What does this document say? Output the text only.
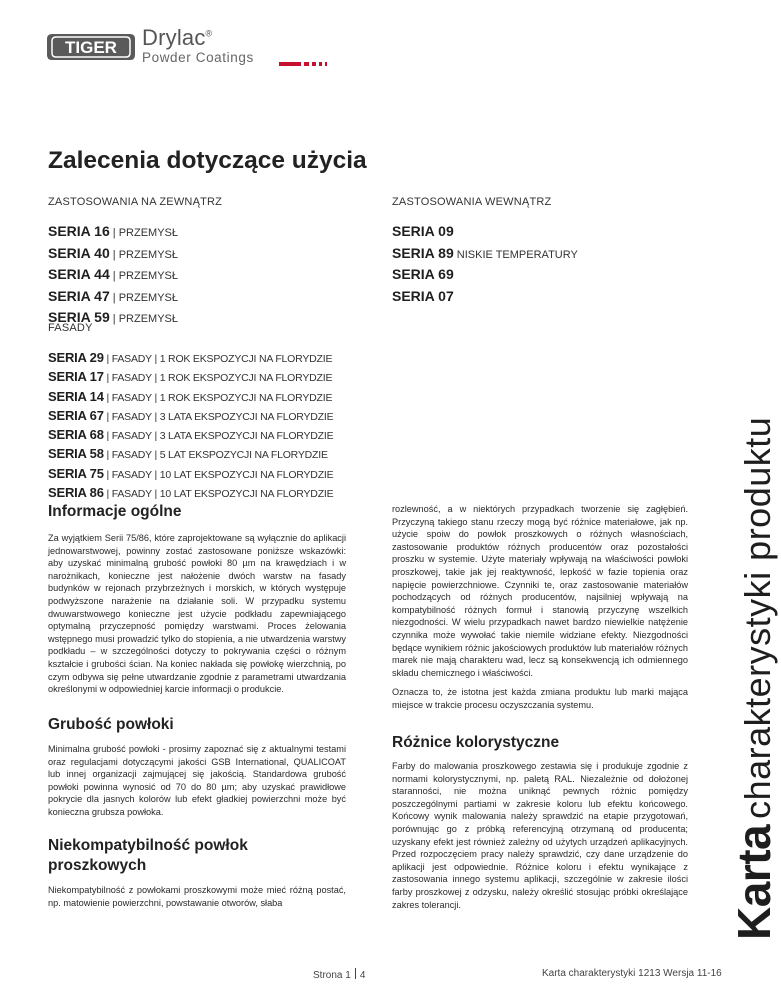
TIGER Drylac®
Powder Coatings
Zalecenia dotyczące użycia
ZASTOSOWANIA NA ZEWNĄTRZ	ZASTOSOWANIA WEWNĄTRZ
SERIA 16 | PRZEMYSŁ
SERIA 40 | PRZEMYSŁ
SERIA 44 | PRZEMYSŁ
SERIA 47 | PRZEMYSŁ
SERIA 59 | PRZEMYSŁ
SERIA 09
SERIA 89 NISKIE TEMPERATURY
SERIA 69
SERIA 07
FASADY
SERIA 29 | FASADY | 1 ROK EKSPOZYCJI NA FLORYDZIE
SERIA 17 | FASADY | 1 ROK EKSPOZYCJI NA FLORYDZIE
SERIA 14 | FASADY | 1 ROK EKSPOZYCJI NA FLORYDZIE
SERIA 67 | FASADY | 3 LATA EKSPOZYCJI NA FLORYDZIE
SERIA 68 | FASADY | 3 LATA EKSPOZYCJI NA FLORYDZIE
SERIA 58 | FASADY | 5 LAT EKSPOZYCJI NA FLORYDZIE
SERIA 75 | FASADY | 10 LAT EKSPOZYCJI NA FLORYDZIE
SERIA 86 | FASADY | 10 LAT EKSPOZYCJI NA FLORYDZIE
Informacje ogólne

Za wyjątkiem Serii 75/86, które zaprojektowane są wyłącznie do aplikacji jednowarstwowej, powinny zostać zastosowane poniższe wskazówki: aby uzyskać minimalną grubość powłoki 80 µm na krawędziach i w narożnikach, konieczne jest nałożenie dwóch warstw na fasady budynków w rejonach przybrzeżnych i morskich, w których występuje podwyższone narażenie na działanie soli. W przypadku systemu dwuwarstwowego konieczne jest użycie podkładu zapewniającego optymalną przyczepność pomiędzy warstwami. Proces żelowania wstępnego musi prowadzić tylko do stopienia, a nie utwardzenia warstwy podkładu – w szczególności dotyczy to pokrywania części o różnym kształcie i grubości ścian. Na koniec nakłada się powłokę wierzchnią, po czym odbywa się pełne utwardzanie zgodnie z parametrami utwardzania określonymi w odpowiedniej karcie informacji o produkcie.

rozlewność, a w niektórych przypadkach tworzenie się zagłębień. Przyczyną takiego stanu rzeczy mogą być różnice materiałowe, jak np. użycie spoiw do powłok proszkowych o różnych własnościach, zastosowanie produktów różnych producentów oraz pozostałości proszku w systemie. Użyte materiały wpływają na właściwości powłoki proszkowej, takie jak jej reaktywność, lepkość w fazie topienia oraz napięcie powierzchniowe. Czynniki te, oraz zastosowanie materiałów pochodzących od różnych producentów, najsilniej wpływają na kompatybilność różnych formuł i stanowią przyczynę wszelkich niezgodności. W wielu przypadkach nawet bardzo niewielkie natężenie czynnika może wywołać takie niemile widziane efekty. Niezgodności będące wynikiem różnic jakościowych produktów lub materiałów różnych marek nie mają charakteru wad, lecz są konsekwencją ich odmiennego składu chemicznego i właściwości.

Oznacza to, że istotna jest każda zmiana produktu lub marki mająca miejsce w trakcie procesu oczyszczania systemu.

Grubość powłoki

Minimalna grubość powłoki - prosimy zapoznać się z aktualnymi testami oraz regulacjami dotyczącymi jakości GSB International, QUALICOAT lub innej organizacji zajmującej się jakością. Standardowa grubość powłoki powinna wynosić od 70 do 80 µm; aby uzyskać prawidłowe pokrycie dla jasnych kolorów lub efekt gładkiej powierzchni może być konieczna grubsza powłoka.

Niekompatybilność powłok proszkowych

Niekompatybilność z powłokami proszkowymi może mieć różną postać, np. matowienie powierzchni, powstawanie otworów, słaba

Różnice kolorystyczne

Farby do malowania proszkowego zestawia się i produkuje zgodnie z normami kolorystycznymi, np. paletą RAL. Niezależnie od dołożonej staranności, nie można uniknąć pewnych różnic pomiędzy poszczególnymi partiami w zakresie koloru lub efektu końcowego. Końcowy wynik malowania należy sprawdzić na etapie przygotowań, porównując go z próbką referencyjną otrzymaną od producenta; uzyskany efekt jest również zależny od użytych urządzeń aplikacyjnych. Przed rozpoczęciem pracy należy sprawdzić, czy dane urządzenie do aplikacji jest odpowiednie. Różnice koloru i efektu wynikające z zastosowania innego systemu aplikacji, szczególnie w zakresie ilości farby proszkowej z odzysku, należy określić stosując próbki określające zakres tolerancji.	Kartacharakterystyki produktu
Strona 1 4	Karta charakterystyki 1213 Wersja 11-16
